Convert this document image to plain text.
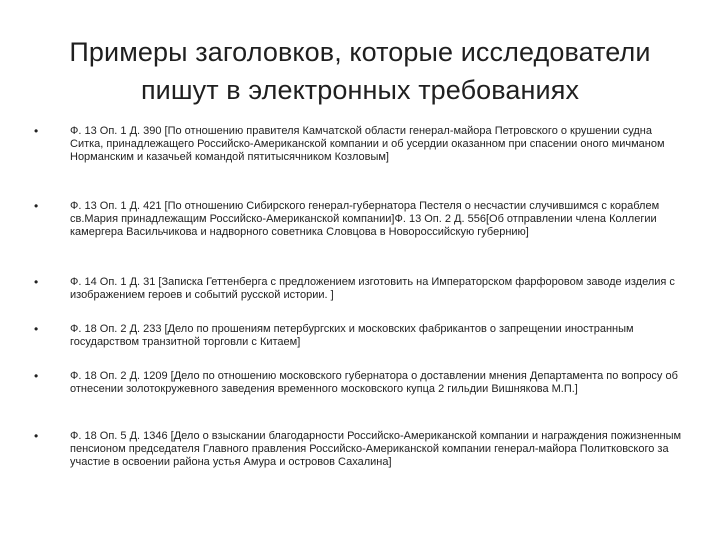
Примеры заголовков, которые исследователи
пишут в электронных требованиях
•	Ф. 13 Оп. 1 Д. 390 [По отношению правителя Камчатской области генерал-майора Петровского о крушении судна Ситка, принадлежащего Российско-Американской компании и об усердии оказанном при спасении оного мичманом Норманским и казачьей командой пятитысячником Козловым]
•	Ф. 13 Оп. 1 Д. 421 [По отношению Сибирского генерал-губернатора Пестеля о несчастии случившимся с кораблем св.Мария принадлежащим Российско-Американской компании]Ф. 13 Оп. 2 Д. 556[Об отправлении члена Коллегии камергера Васильчикова и надворного советника Словцова в Новороссийскую губернию]
•	Ф. 14 Оп. 1 Д. 31 [Записка Геттенберга с предложением изготовить на Императорском фарфоровом заводе изделия с изображением героев и событий русской истории. ]
•	Ф. 18 Оп. 2 Д. 233 [Дело по прошениям петербургских и московских фабрикантов о запрещении иностранным государством транзитной торговли с Китаем]
•	Ф. 18 Оп. 2 Д. 1209 [Дело по отношению московского губернатора о доставлении мнения Департамента по вопросу об отнесении золотокружевного заведения временного московского купца 2 гильдии Вишнякова М.П.]
•	Ф. 18 Оп. 5 Д. 1346 [Дело о взыскании благодарности Российско-Американской компании и награждения пожизненным пенсионом председателя Главного правления Российско-Американской компании генерал-майора Политковского за участие в освоении района устья Амура и островов Сахалина]
